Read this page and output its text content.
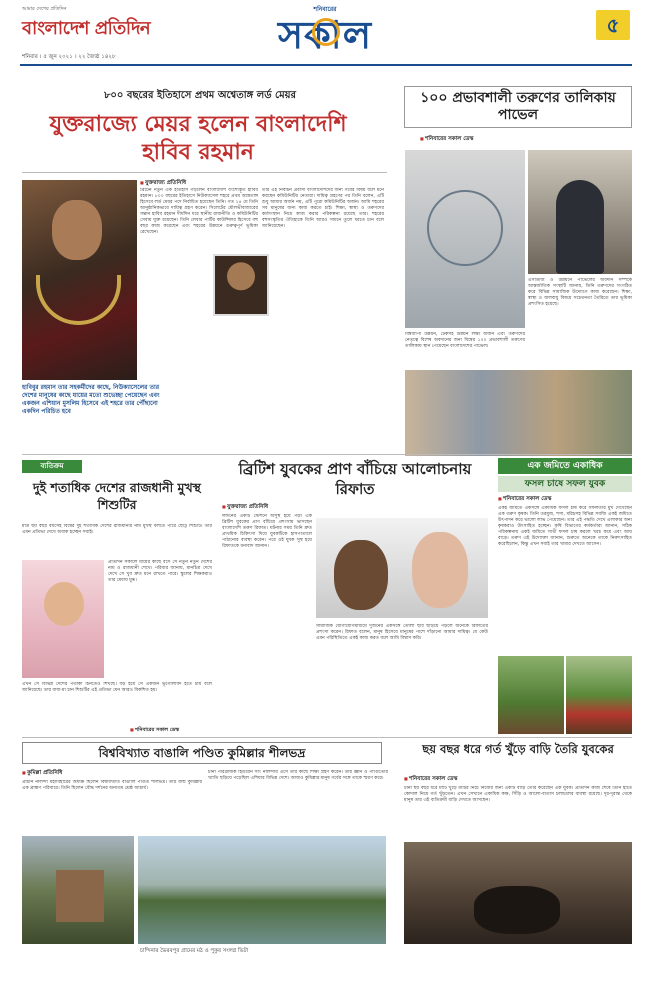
আমার দেশের প্রতিদিন
বাংলাদেশ প্রতিদিন
শনিবার । ৫ জুন ২০২১ । ২২ জ্যৈষ্ঠ ১৪২৮
শনিবারের
সকাল	৫
৮০০ বছরের ইতিহাসে প্রথম অশ্বেতাঙ্গ লর্ড মেয়র
যুক্তরাজ্যে মেয়র হলেন বাংলাদেশি হাবিব রহমান
হাবিবুর রহমান তার সহকর্মীদের কাছে, নিউক্যাসেলের তার দেশের মানুষের কাছে যায়ের মতো শুভেচ্ছা পেয়েছেন এবং একজন এশিয়ান মুসলিম হিসেবে এই শহরে তার পৌঁছানো একদিন পরিচিত হবে
■ যুক্তরাজ্য প্রতিনিধি
ব্রিটেন নতুন এক ইতিহাস গড়লেন বাংলাদেশি বংশোদ্ভূত হাবিব রহমান। ৮০০ বছরের ইতিহাসে নিউক্যাসেল শহরে প্রথম অশ্বেতাঙ্গ হিসেবে লর্ড মেয়র পদে নির্বাচিত হয়েছেন তিনি। গত ২৪ মে তিনি আনুষ্ঠানিকভাবে দায়িত্ব গ্রহণ করেন। সিলেটের মৌলভীবাজারের সন্তান হাবিব রহমান দীর্ঘদিন ধরে স্থানীয় রাজনীতি ও কমিউনিটির সেবায় যুক্ত রয়েছেন। তিনি লেবার পার্টির কাউন্সিলর হিসেবে বহু বছর কাজ করেছেন এবং শহরের উন্নয়নে গুরুত্বপূর্ণ ভূমিকা রেখেছেন।
তার এই নির্বাচন প্রবাসী বাংলাদেশিদের জন্য গর্বের বিষয় বলে মনে করছেন কমিউনিটির নেতারা। দায়িত্ব গ্রহণের পর তিনি বলেন, এটি শুধু আমার অর্জন নয়, এটি পুরো কমিউনিটির অর্জন। আমি শহরের সব মানুষের জন্য কাজ করতে চাই। শিক্ষা, স্বাস্থ্য ও তরুণদের কর্মসংস্থান নিয়ে কাজ করার পরিকল্পনা রয়েছে তার। শহরের বহুসংস্কৃতির ঐতিহ্যকে তিনি আরও সামনে তুলে ধরতে চান বলে জানিয়েছেন।
১০০ প্রভাবশালী তরুণের তালিকায় পাভেল
■ শনিবারের সকাল ডেস্ক
বিশ্বব্যাপী উন্নয়ন, টেকসই উন্নয়ন লক্ষ্য অর্জন এবং তরুণদের নেতৃত্বে বিশেষ অবদানের জন্য বিশ্বের ১০০ প্রভাবশালী তরুণের তালিকায় স্থান পেয়েছেন বাংলাদেশের পাভেল।
এসডিজি ও উন্নয়নে পাভেলের অবদান সম্পর্কে আন্তর্জাতিক সংস্থাটি জানায়, তিনি তরুণদের সংগঠিত করে বিভিন্ন সামাজিক উদ্যোগে কাজ করেছেন। শিক্ষা, স্বাস্থ্য ও জলবায়ু বিষয়ে সচেতনতা তৈরিতে তার ভূমিকা প্রশংসিত হয়েছে।
ব্যতিক্রম
দুই শতাধিক দেশের রাজধানী মুখস্থ শিশুটির
মাত্র ছয় বছর বয়সেই বিশ্বের দুই শতাধিক দেশের রাজধানীর নাম মুখস্থ বলতে পারে ছোট্ট শিশুটি। তার এমন প্রতিভা দেখে অবাক হচ্ছেন সবাই।
প্রতিদিন সকালে মায়ের কাছে বসে সে নতুন নতুন দেশের নাম ও রাজধানী শেখে। পরিবার জানায়, মানচিত্র দেখে দেখে সে খুব দ্রুত মনে রাখতে পারে। স্কুলের শিক্ষকরাও তার মেধায় মুগ্ধ।
এখন সে বিভিন্ন দেশের পতাকা চিনতেও শিখছে। বড় হয়ে সে একজন ভূগোলবিদ হতে চায় বলে জানিয়েছে। তার বাবা-মা চান শিশুটির এই প্রতিভা যেন আরও বিকশিত হয়।
■ শনিবারের সকাল ডেস্ক
ব্রিটিশ যুবকের প্রাণ বাঁচিয়ে আলোচনায় রিফাত
■ যুক্তরাজ্য প্রতিনিধি
লন্ডনের একটি স্টেশনে অসুস্থ হয়ে পড়া এক ব্রিটিশ যুবকের প্রাণ বাঁচিয়ে প্রশংসায় ভাসছেন বাংলাদেশি তরুণ রিফাত। ঘটনার সময় তিনি দ্রুত প্রাথমিক চিকিৎসা দিয়ে যুবকটিকে হাসপাতালে পাঠানোর ব্যবস্থা করেন। পরে ওই যুবক সুস্থ হয়ে রিফাতকে ধন্যবাদ জানান।
সামাজিক যোগাযোগমাধ্যমে দুজনের একসঙ্গে তোলা ছবি ছড়িয়ে পড়লে অনেকে রিফাতের প্রশংসা করেন। রিফাত বলেন, মানুষ হিসেবে মানুষের পাশে দাঁড়ানো আমার দায়িত্ব। যে কেউ এমন পরিস্থিতিতে একই কাজ করত বলে আমি বিশ্বাস করি।
এক জমিতে একাধিক
ফসল চাষে সফল যুবক
■ শনিবারের সকাল ডেস্ক
একই জমিতে একসঙ্গে একাধিক ফসল চাষ করে সফলতার মুখ দেখেছেন এক তরুণ কৃষক। তিনি তরমুজ, শসা, মরিচসহ বিভিন্ন সবজি একই জমিতে উৎপাদন করে ভালো লাভ পেয়েছেন। তার এই পদ্ধতি দেখে এলাকার অন্য কৃষকরাও উৎসাহিত হচ্ছেন। কৃষি বিভাগের কর্মকর্তারা জানান, সঠিক পরিকল্পনায় একই জমিতে সাথী ফসল চাষ করলে খরচ কমে এবং আয় বাড়ে। তরুণ এই উদ্যোক্তা জানান, শুরুতে অনেকে তাকে নিরুৎসাহিত করেছিলেন, কিন্তু এখন সবাই তার খামার দেখতে আসেন।
বিশ্ববিখ্যাত বাঙালি পণ্ডিত কুমিল্লার শীলভদ্র
■ কুমিল্লা প্রতিনিধি
প্রাচীন নালন্দা মহাবিহারের অধ্যক্ষ ছিলেন বিশ্ববিখ্যাত বাঙালি পণ্ডিত শীলভদ্র। তার জন্ম কুমিল্লার এক ব্রাহ্মণ পরিবারে। তিনি ছিলেন বৌদ্ধ দর্শনের অন্যতম শ্রেষ্ঠ আচার্য।
চীনা পরিব্রাজক হিউয়েন সাং নালন্দায় এসে তার কাছে শিক্ষা গ্রহণ করেন। তার জ্ঞান ও পাণ্ডিত্যের খ্যাতি ছড়িয়ে পড়েছিল এশিয়ার বিভিন্ন দেশে। আজও কুমিল্লার মানুষ গর্বের সঙ্গে তাকে স্মরণ করে।
চান্দিনার ভৈরবপুর গ্রামের মঠ ও পুকুর সংলগ্ন ভিটা
ছয় বছর ধরে গর্ত খুঁড়ে বাড়ি তৈরি যুবকের
■ শনিবারের সকাল ডেস্ক
টানা ছয় বছর ধরে মাটি খুঁড়ে মাটির নিচে নিজের জন্য একটি বাড়ি তৈরি করেছেন এক যুবক। প্রতিদিন কাজ শেষে তিনি হাতে কোদাল নিয়ে গর্ত খুঁড়তেন। এখন সেখানে একাধিক কক্ষ, সিঁড়ি ও আলো-বাতাস চলাচলের ব্যবস্থা রয়েছে। দূর-দূরান্ত থেকে মানুষ তার এই ব্যতিক্রমী বাড়ি দেখতে আসছেন।
